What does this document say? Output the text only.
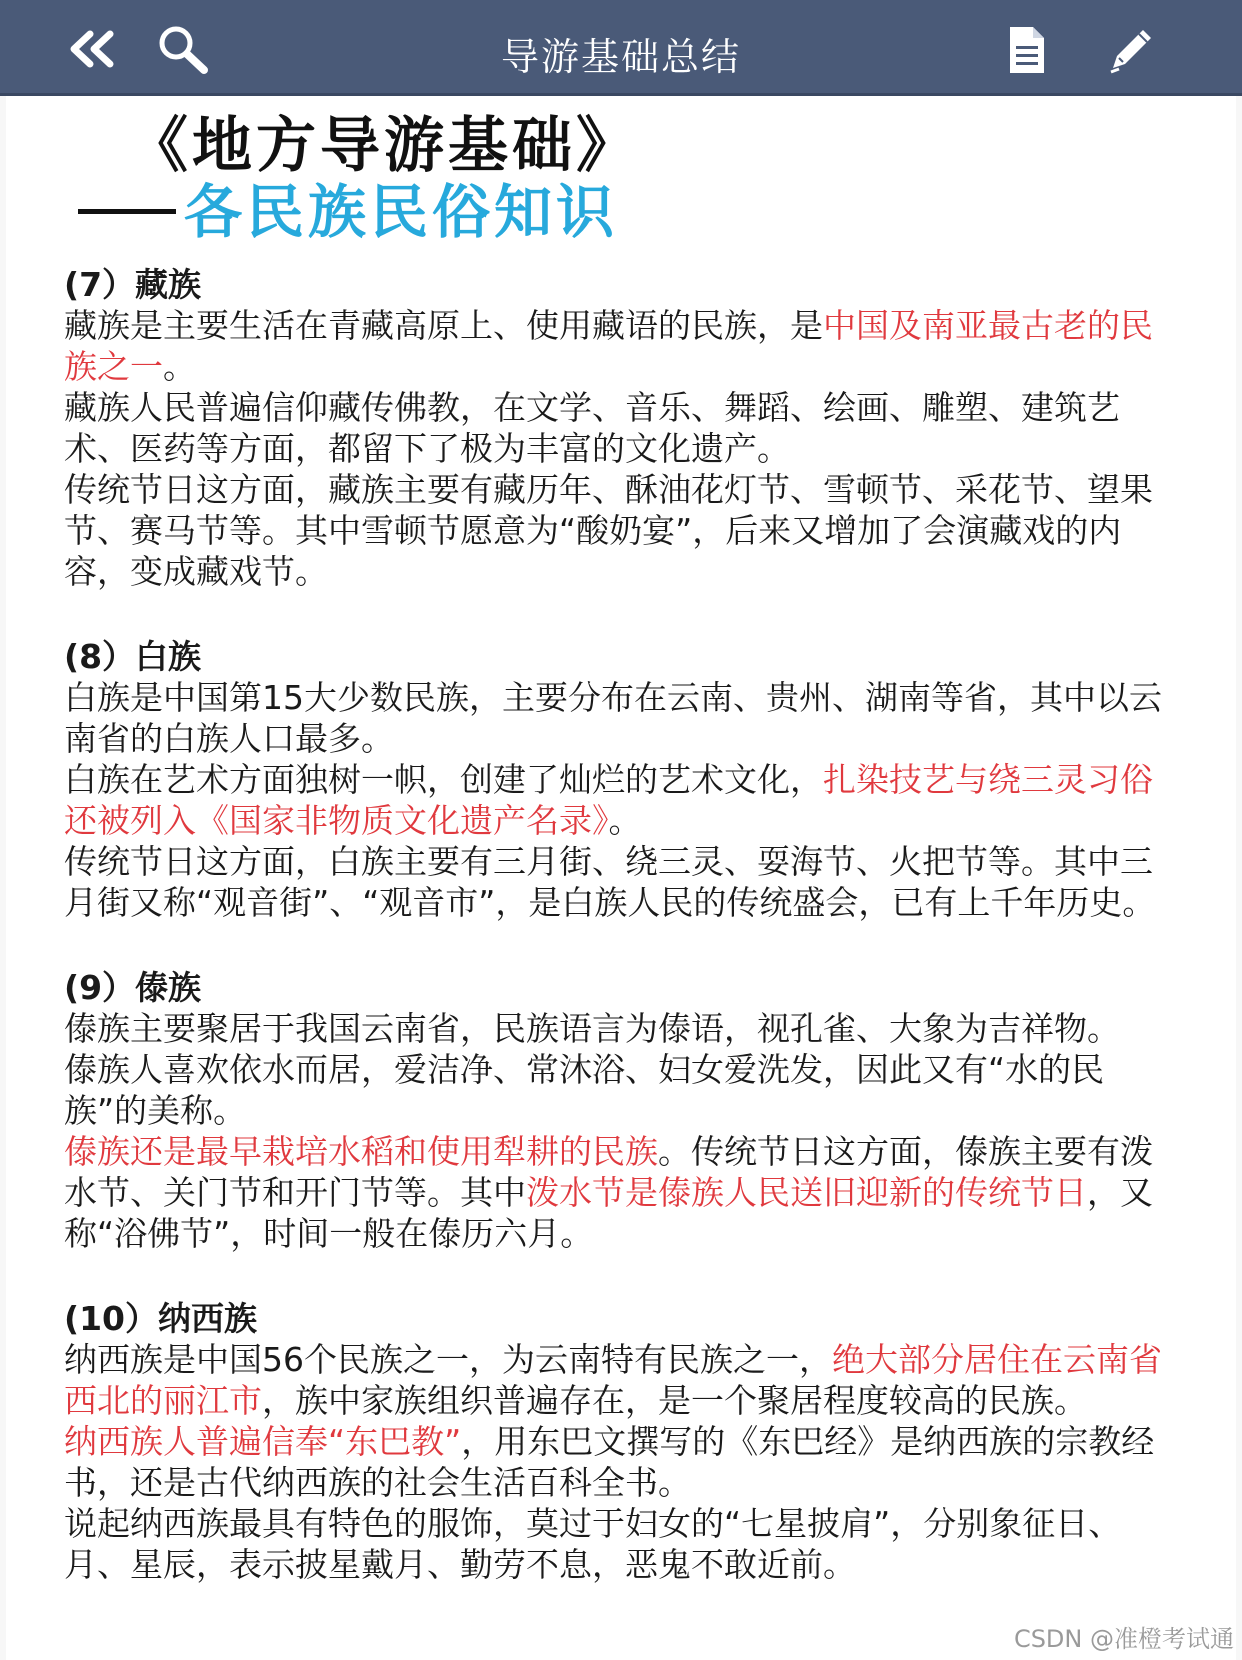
导游基础总结
《地方导游基础》
各民族民俗知识
(7）藏族

藏族是主要生活在青藏高原上、使用藏语的民族，是中国及南亚最古老的民族之一。

藏族人民普遍信仰藏传佛教，在文学、音乐、舞蹈、绘画、雕塑、建筑艺术、医药等方面，都留下了极为丰富的文化遗产。

传统节日这方面，藏族主要有藏历年、酥油花灯节、雪顿节、采花节、望果节、赛马节等。其中雪顿节愿意为“酸奶宴”，后来又增加了会演藏戏的内容，变成藏戏节。

(8）白族

白族是中国第15大少数民族，主要分布在云南、贵州、湖南等省，其中以云南省的白族人口最多。

白族在艺术方面独树一帜，创建了灿烂的艺术文化，扎染技艺与绕三灵习俗还被列入《国家非物质文化遗产名录》。

传统节日这方面，白族主要有三月街、绕三灵、耍海节、火把节等。其中三月街又称“观音街”、“观音市”，是白族人民的传统盛会，已有上千年历史。

(9）傣族

傣族主要聚居于我国云南省，民族语言为傣语，视孔雀、大象为吉祥物。

傣族人喜欢依水而居，爱洁净、常沐浴、妇女爱洗发，因此又有“水的民族”的美称。

傣族还是最早栽培水稻和使用犁耕的民族。传统节日这方面，傣族主要有泼水节、关门节和开门节等。其中泼水节是傣族人民送旧迎新的传统节日，又称“浴佛节”，时间一般在傣历六月。

(10）纳西族

纳西族是中国56个民族之一，为云南特有民族之一，绝大部分居住在云南省西北的丽江市，族中家族组织普遍存在，是一个聚居程度较高的民族。

纳西族人普遍信奉“东巴教”，用东巴文撰写的《东巴经》是纳西族的宗教经书，还是古代纳西族的社会生活百科全书。

说起纳西族最具有特色的服饰，莫过于妇女的“七星披肩”，分别象征日、月、星辰，表示披星戴月、勤劳不息，恶鬼不敢近前。

CSDN @准橙考试通
